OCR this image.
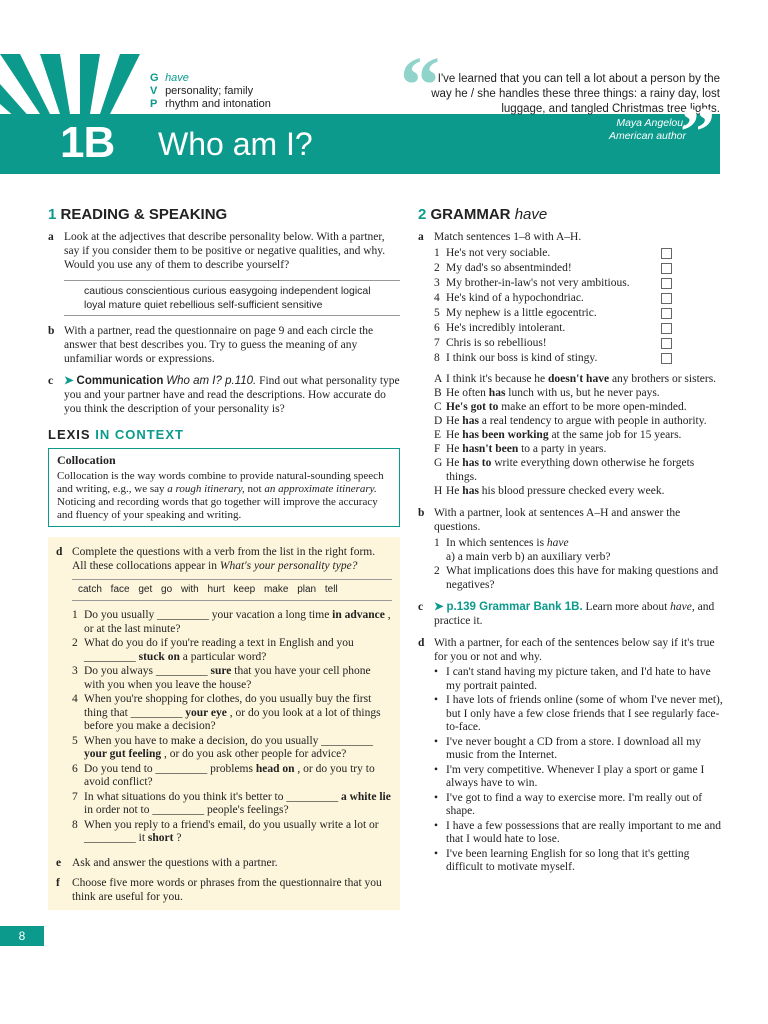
G have
V personality; family
P rhythm and intonation “
I've learned that you can tell a lot about a person by the way he / she handles these three things: a rainy day, lost luggage, and tangled Christmas tree lights.
Maya Angelou,
American author
”
1B Who am I?
1 READING & SPEAKING
a Look at the adjectives that describe personality below. With a partner, say if you consider them to be positive or negative qualities, and why. Would you use any of them to describe yourself?
cautious conscientious curious easygoing independent logical
loyal mature quiet rebellious self-sufficient sensitive
b With a partner, read the questionnaire on page 9 and each circle the answer that best describes you. Try to guess the meaning of any unfamiliar words or expressions.
c ➤ Communication Who am I? p.110. Find out what personality type you and your partner have and read the descriptions. How accurate do you think the description of your personality is?
LEXIS IN CONTEXT
Collocation
Collocation is the way words combine to provide natural-sounding speech and writing, e.g., we say a rough itinerary, not an approximate itinerary. Noticing and recording words that go together will improve the accuracy and fluency of your speaking and writing.
d Complete the questions with a verb from the list in the right form. All these collocations appear in What's your personality type?
catch face get go with hurt keep make plan tell
1 Do you usually _________ your vacation a long time in advance , or at the last minute?
2 What do you do if you're reading a text in English and you _________ stuck on a particular word?
3 Do you always _________ sure that you have your cell phone with you when you leave the house?
4 When you're shopping for clothes, do you usually buy the first thing that _________ your eye , or do you look at a lot of things before you make a decision?
5 When you have to make a decision, do you usually _________ your gut feeling , or do you ask other people for advice?
6 Do you tend to _________ problems head on , or do you try to avoid conflict?
7 In what situations do you think it's better to _________ a white lie in order not to _________ people's feelings?
8 When you reply to a friend's email, do you usually write a lot or _________ it short ?
e Ask and answer the questions with a partner.
f Choose five more words or phrases from the questionnaire that you think are useful for you.
2 GRAMMAR have
a Match sentences 1–8 with A–H.
1 He's not very sociable.
2 My dad's so absentminded!
3 My brother-in-law's not very ambitious.
4 He's kind of a hypochondriac.
5 My nephew is a little egocentric.
6 He's incredibly intolerant.
7 Chris is so rebellious!
8 I think our boss is kind of stingy.
A I think it's because he doesn't have any brothers or sisters.
B He often has lunch with us, but he never pays.
C He's got to make an effort to be more open-minded.
D He has a real tendency to argue with people in authority.
E He has been working at the same job for 15 years.
F He hasn't been to a party in years.
G He has to write everything down otherwise he forgets things.
H He has his blood pressure checked every week.
b With a partner, look at sentences A–H and answer the questions.
1 In which sentences is have
a) a main verb b) an auxiliary verb?
2 What implications does this have for making questions and negatives?
c ➤ p.139 Grammar Bank 1B. Learn more about have, and practice it.
d With a partner, for each of the sentences below say if it's true for you or not and why.
• I can't stand having my picture taken, and I'd hate to have my portrait painted.
• I have lots of friends online (some of whom I've never met), but I only have a few close friends that I see regularly face-to-face.
• I've never bought a CD from a store. I download all my music from the Internet.
• I'm very competitive. Whenever I play a sport or game I always have to win.
• I've got to find a way to exercise more. I'm really out of shape.
• I have a few possessions that are really important to me and that I would hate to lose.
• I've been learning English for so long that it's getting difficult to motivate myself.
8
